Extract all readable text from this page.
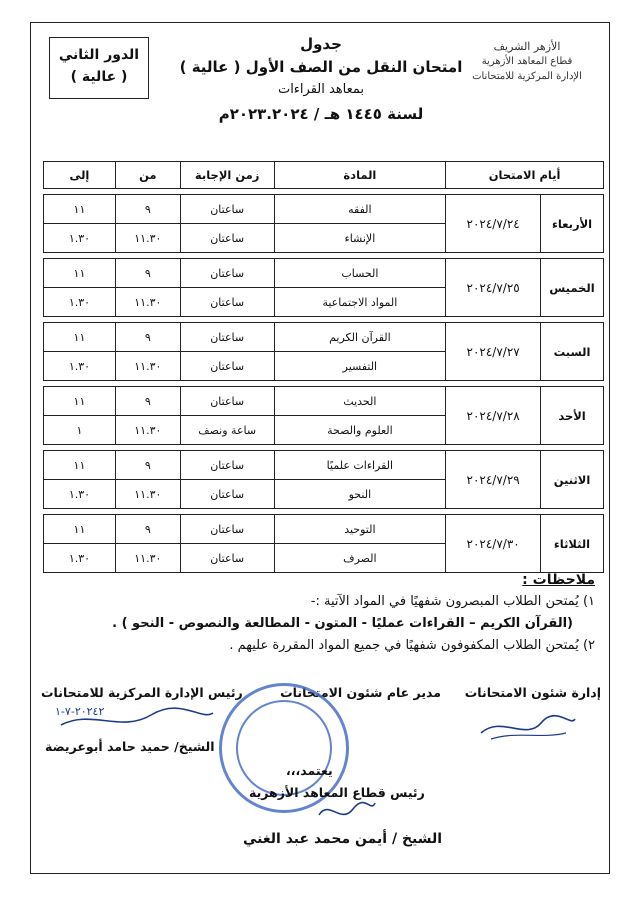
الدور الثاني
( عالية )
الأزهر الشريف
قطاع المعاهد الأزهرية
الإدارة المركزية للامتحانات
جدول
امتحان النقل من الصف الأول ( عالية )
بمعاهد القراءات
لسنة ١٤٤٥ هـ / ٢٠٢٣.٢٠٢٤م
أيام الامتحان		المادة	زمن الإجابة	من	إلى

الأربعاء	٢٠٢٤/٧/٢٤	الفقه	ساعتان	٩	١١
		الإنشاء	ساعتان	١١.٣٠	١.٣٠

الخميس	٢٠٢٤/٧/٢٥	الحساب	ساعتان	٩	١١
		المواد الاجتماعية	ساعتان	١١.٣٠	١.٣٠

السبت	٢٠٢٤/٧/٢٧	القرآن الكريم	ساعتان	٩	١١
		التفسير	ساعتان	١١.٣٠	١.٣٠

الأحد	٢٠٢٤/٧/٢٨	الحديث	ساعتان	٩	١١
		العلوم والصحة	ساعة ونصف	١١.٣٠	١

الاثنين	٢٠٢٤/٧/٢٩	القراءات علميًا	ساعتان	٩	١١
		النحو	ساعتان	١١.٣٠	١.٣٠

الثلاثاء	٢٠٢٤/٧/٣٠	التوحيد	ساعتان	٩	١١
		الصرف	ساعتان	١١.٣٠	١.٣٠
ملاحظات :
١) يُمتحن الطلاب المبصرون شفهيًا في المواد الآتية :-
(القرآن الكريم – القراءات عمليًا - المتون - المطالعة والنصوص - النحو ) .
٢) يُمتحن الطلاب المكفوفون شفهيًا في جميع المواد المقررة عليهم .
إدارة شئون الامتحانات
مدير عام شئون الامتحانات
رئيس الإدارة المركزية للامتحانات
٢٠٢٤٢-٧-١
الشيخ/ حميد حامد أبوعريضة
يعتمد،،،
رئيس قطاع المعاهد الأزهرية
الشيخ / أيمن محمد عبد الغني
